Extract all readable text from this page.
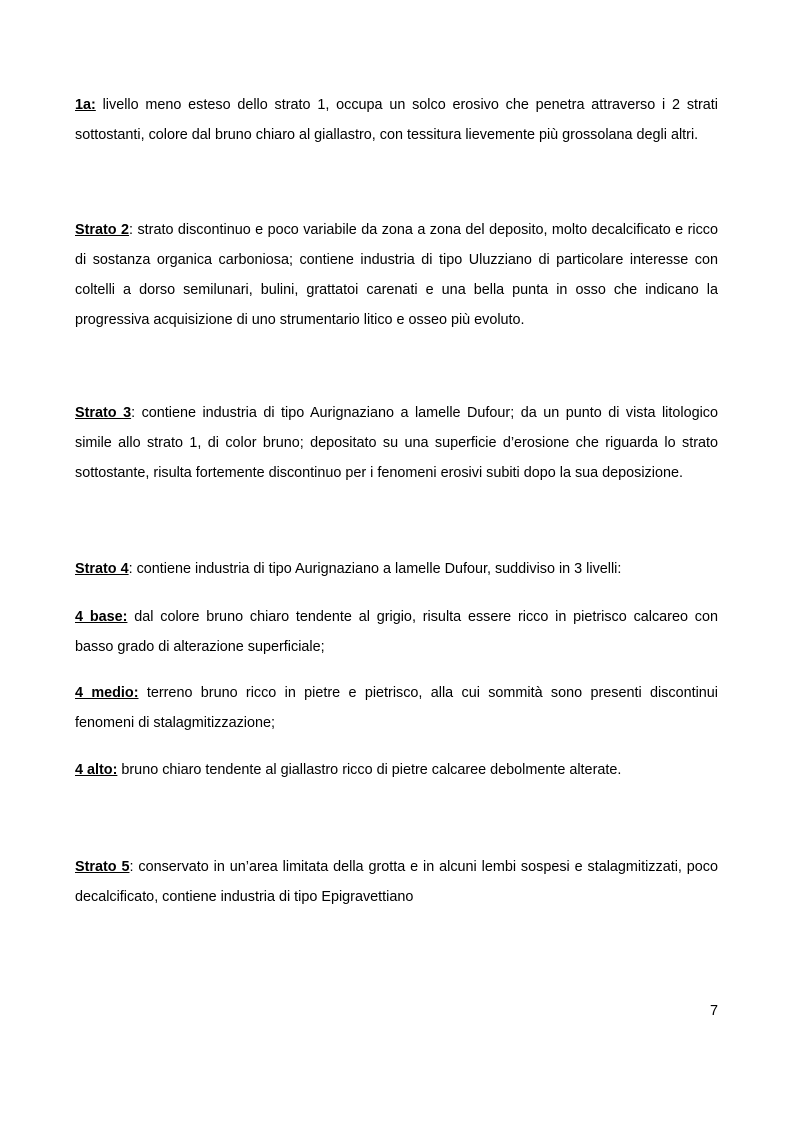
1a: livello meno esteso dello strato 1, occupa un solco erosivo che penetra attraverso i 2 strati sottostanti, colore dal bruno chiaro al giallastro, con tessitura lievemente più grossolana degli altri.

Strato 2: strato discontinuo e poco variabile da zona a zona del deposito, molto decalcificato e ricco di sostanza organica carboniosa; contiene industria di tipo Uluzziano di particolare interesse con coltelli a dorso semilunari, bulini, grattatoi carenati e una bella punta in osso che indicano la progressiva acquisizione di uno strumentario litico e osseo più evoluto.

Strato 3: contiene industria di tipo Aurignaziano a lamelle Dufour; da un punto di vista litologico simile allo strato 1, di color bruno; depositato su una superficie d’erosione che riguarda lo strato sottostante, risulta fortemente discontinuo per i fenomeni erosivi subiti dopo la sua deposizione.

Strato 4: contiene industria di tipo Aurignaziano a lamelle Dufour, suddiviso in 3 livelli:

4 base: dal colore bruno chiaro tendente al grigio, risulta essere ricco in pietrisco calcareo con basso grado di alterazione superficiale;

4 medio: terreno bruno ricco in pietre e pietrisco, alla cui sommità sono presenti discontinui fenomeni di stalagmitizzazione;

4 alto: bruno chiaro tendente al giallastro ricco di pietre calcaree debolmente alterate.

Strato 5: conservato in un’area limitata della grotta e in alcuni lembi sospesi e stalagmitizzati, poco decalcificato, contiene industria di tipo Epigravettiano

7
